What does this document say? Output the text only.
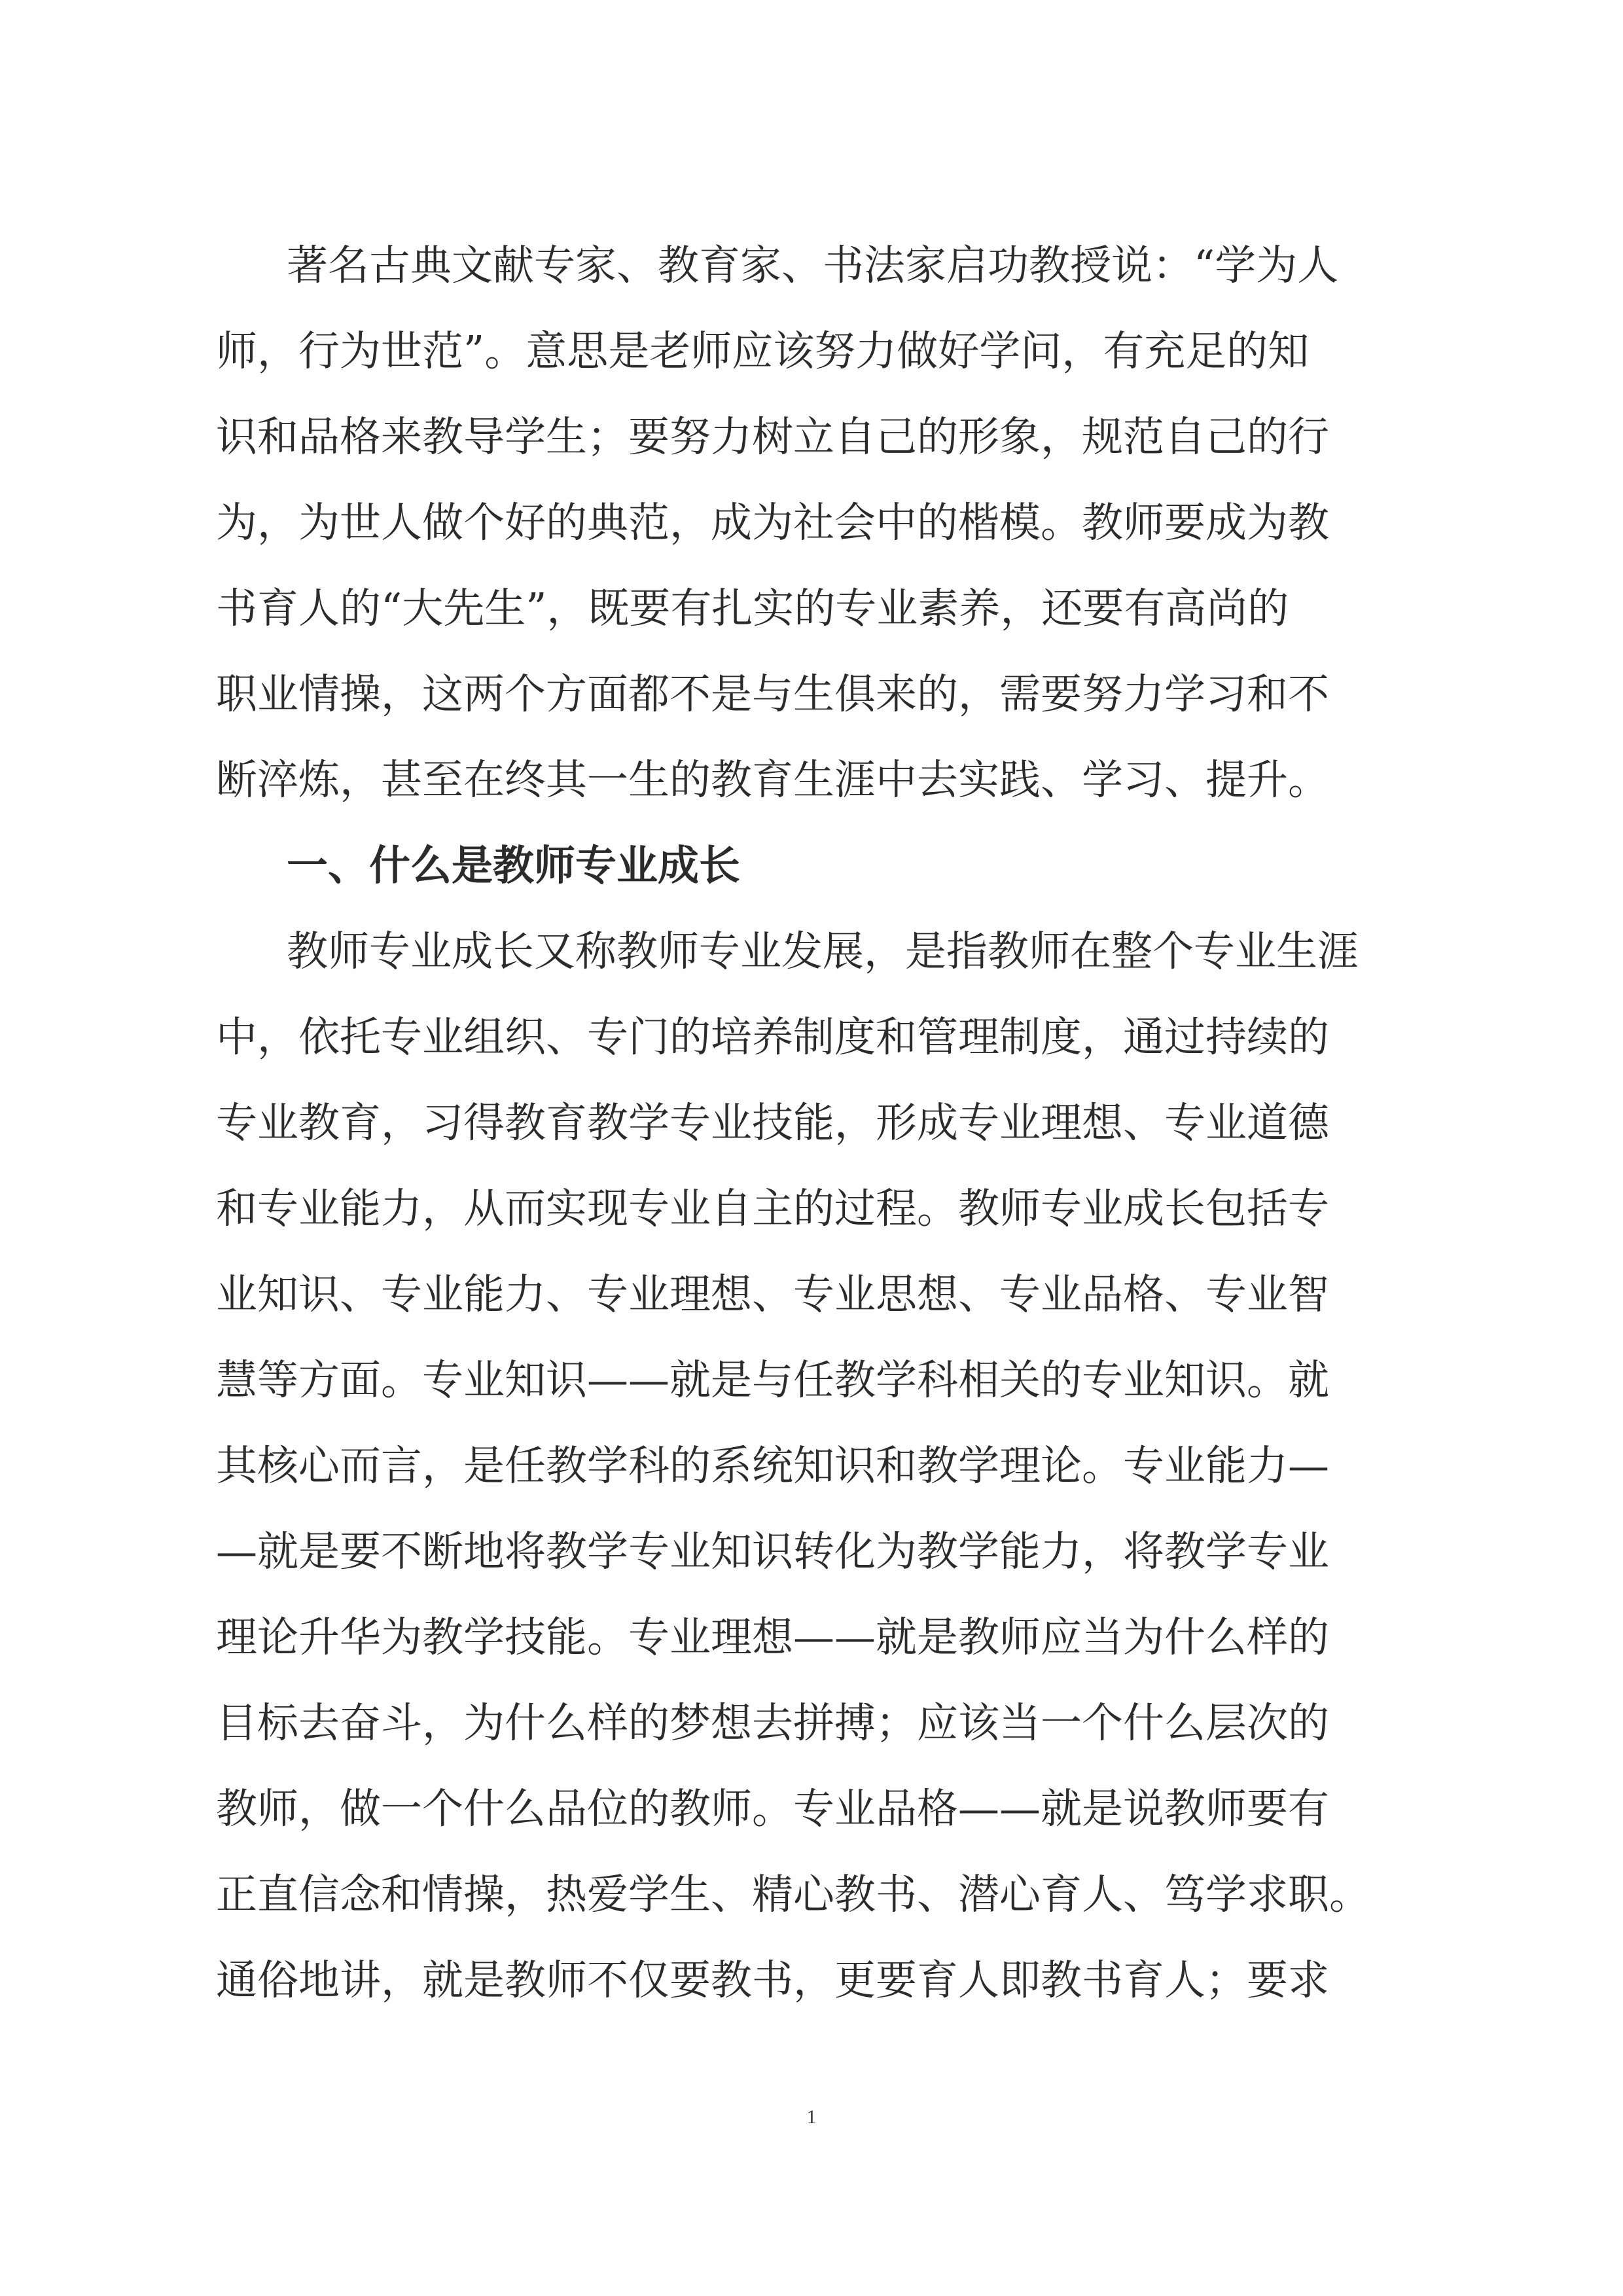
著名古典文献专家、教育家、书法家启功教授说：“学为人
师，行为世范”。意思是老师应该努力做好学问，有充足的知
识和品格来教导学生；要努力树立自己的形象，规范自己的行
为，为世人做个好的典范，成为社会中的楷模。教师要成为教
书育人的“大先生”，既要有扎实的专业素养，还要有高尚的
职业情操，这两个方面都不是与生俱来的，需要努力学习和不
断淬炼，甚至在终其一生的教育生涯中去实践、学习、提升。
一、什么是教师专业成长
教师专业成长又称教师专业发展，是指教师在整个专业生涯
中，依托专业组织、专门的培养制度和管理制度，通过持续的
专业教育，习得教育教学专业技能，形成专业理想、专业道德
和专业能力，从而实现专业自主的过程。教师专业成长包括专
业知识、专业能力、专业理想、专业思想、专业品格、专业智
慧等方面。专业知识——就是与任教学科相关的专业知识。就
其核心而言，是任教学科的系统知识和教学理论。专业能力—
—就是要不断地将教学专业知识转化为教学能力，将教学专业
理论升华为教学技能。专业理想——就是教师应当为什么样的
目标去奋斗，为什么样的梦想去拼搏；应该当一个什么层次的
教师，做一个什么品位的教师。专业品格——就是说教师要有
正直信念和情操，热爱学生、精心教书、潜心育人、笃学求职。
通俗地讲，就是教师不仅要教书，更要育人即教书育人；要求
1
